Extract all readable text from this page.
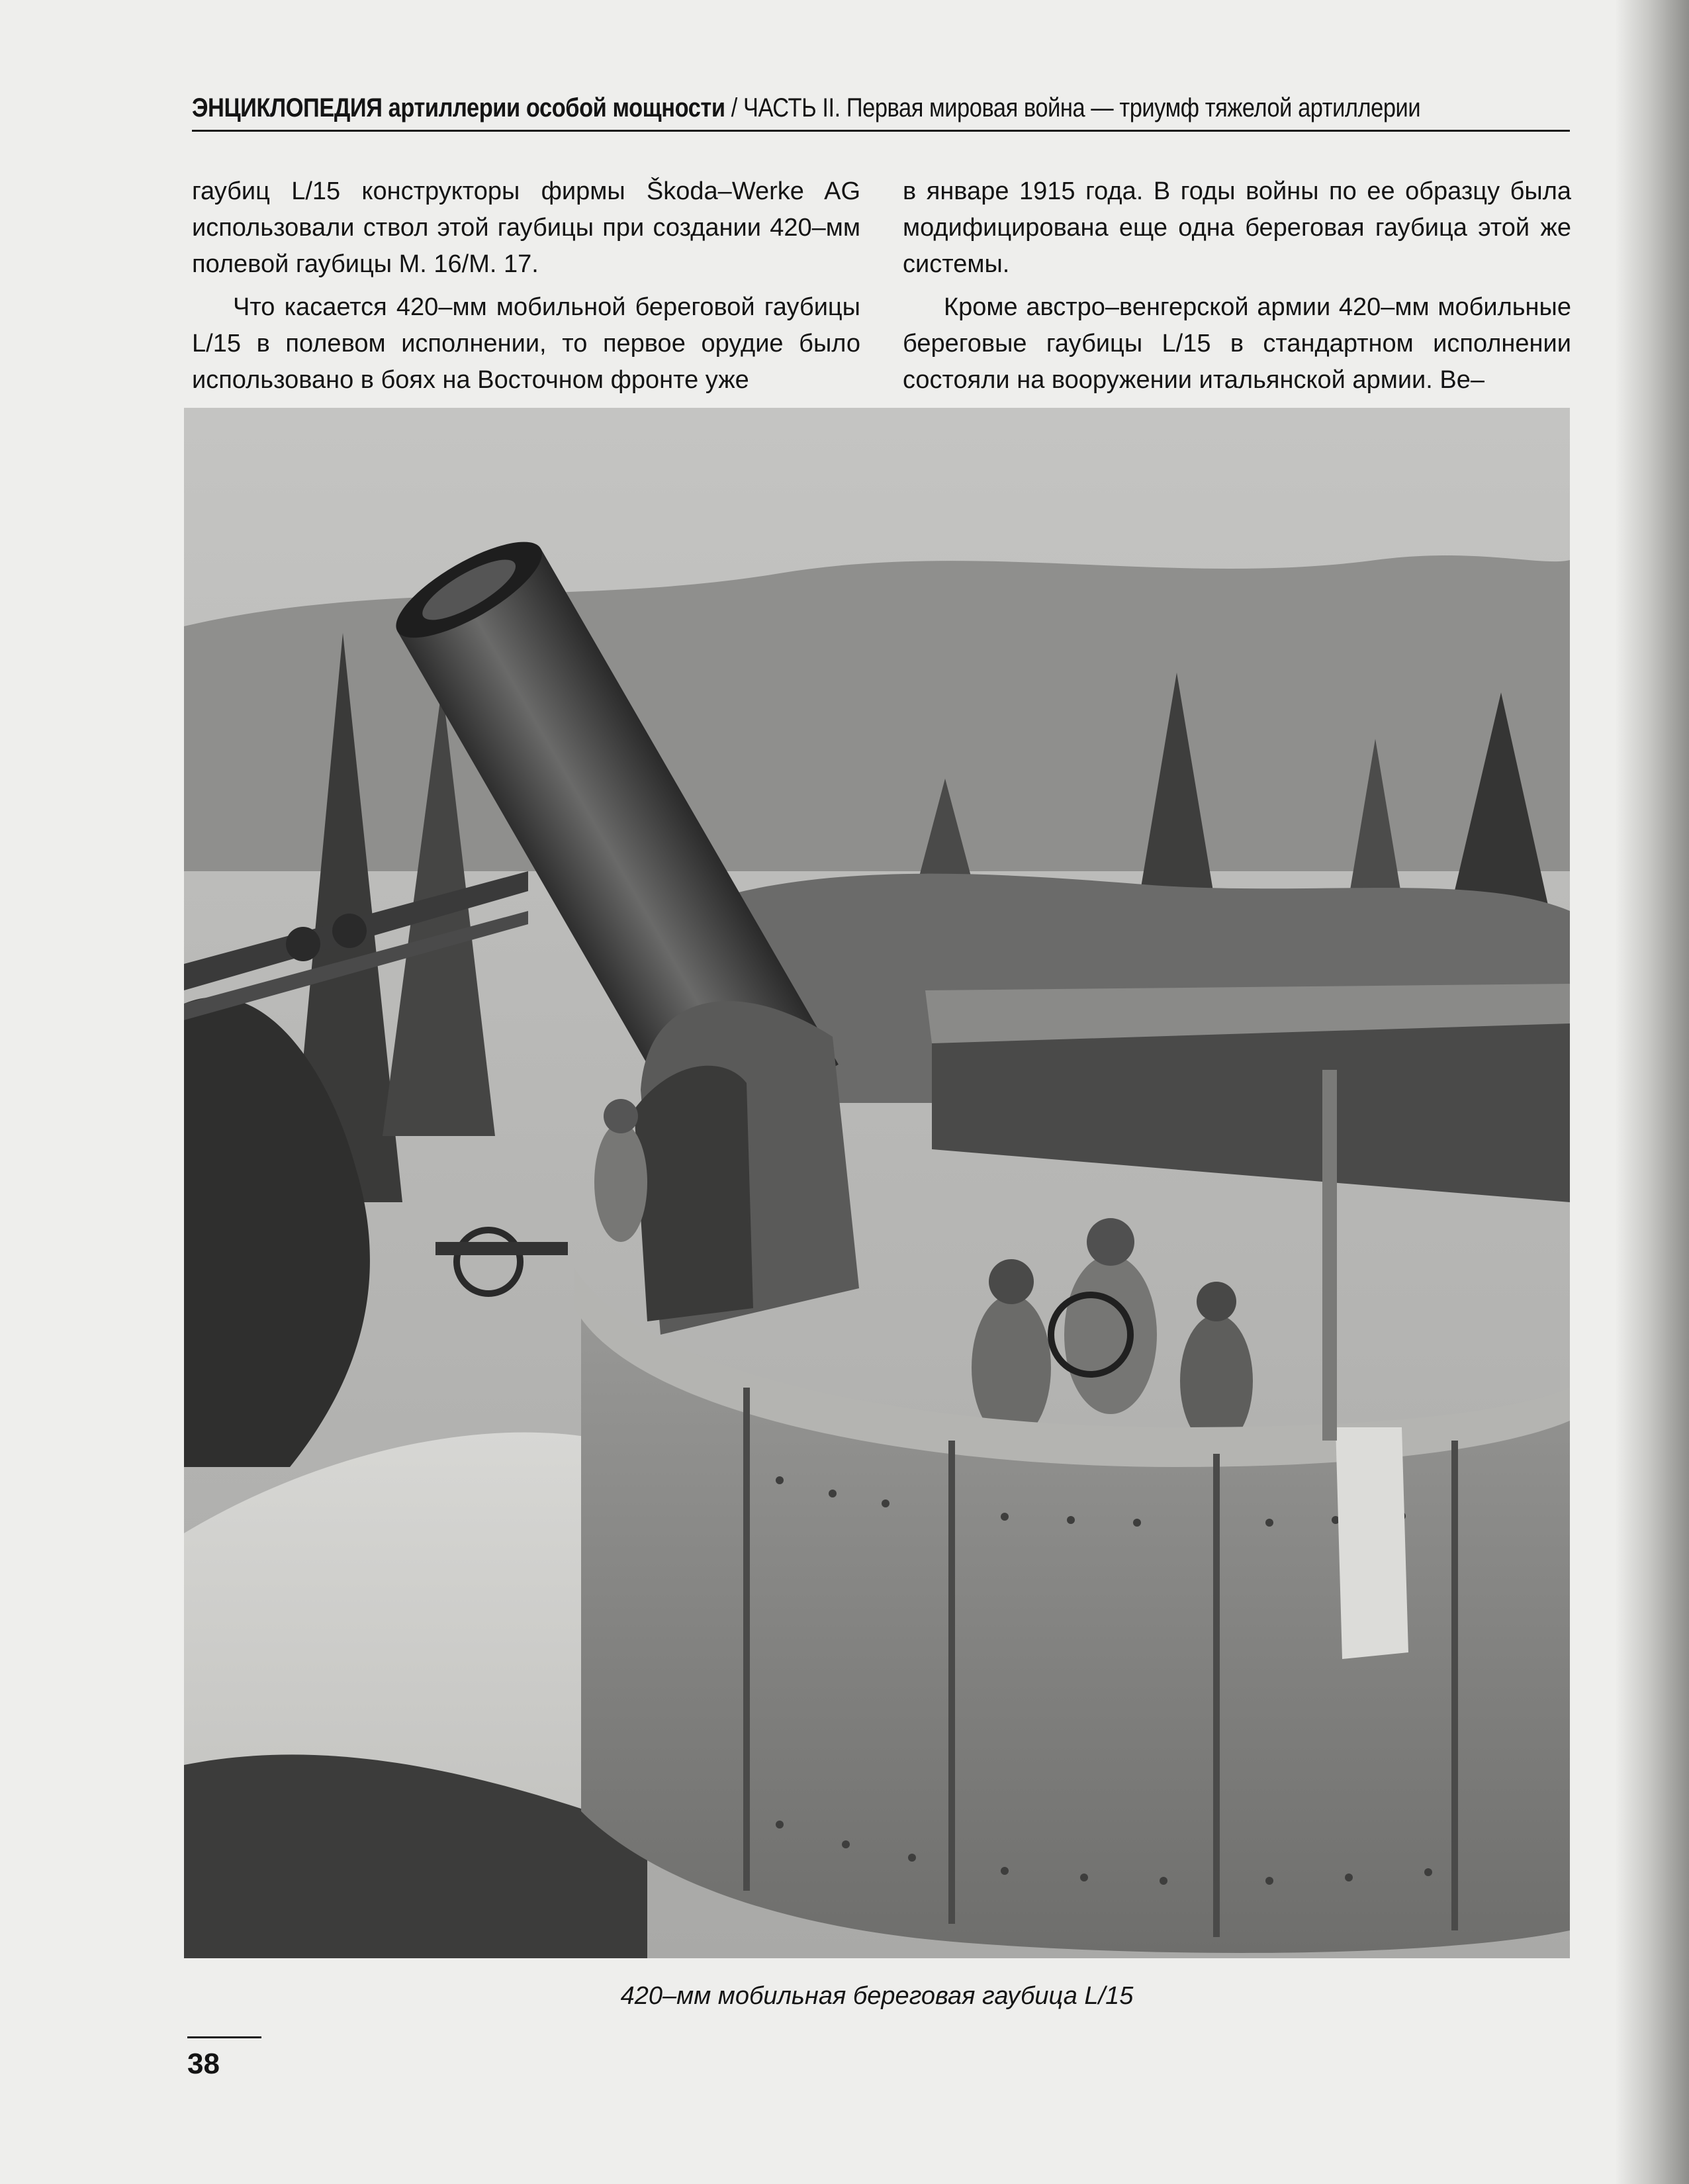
ЭНЦИКЛОПЕДИЯ артиллерии особой мощности / ЧАСТЬ II. Первая мировая война — триумф тяжелой артиллерии

гаубиц L/15 конструкторы фирмы Škoda–Werke AG использовали ствол этой гаубицы при создании 420–мм полевой гаубицы М. 16/М. 17.

Что касается 420–мм мобильной береговой гаубицы L/15 в полевом исполнении, то первое орудие было использовано в боях на Восточном фронте уже

в январе 1915 года. В годы войны по ее образцу была модифицирована еще одна береговая гаубица этой же системы.

Кроме австро–венгерской армии 420–мм мобильные береговые гаубицы L/15 в стандартном исполнении состояли на вооружении итальянской армии. Ве–

420–мм мобильная береговая гаубица L/15
38
